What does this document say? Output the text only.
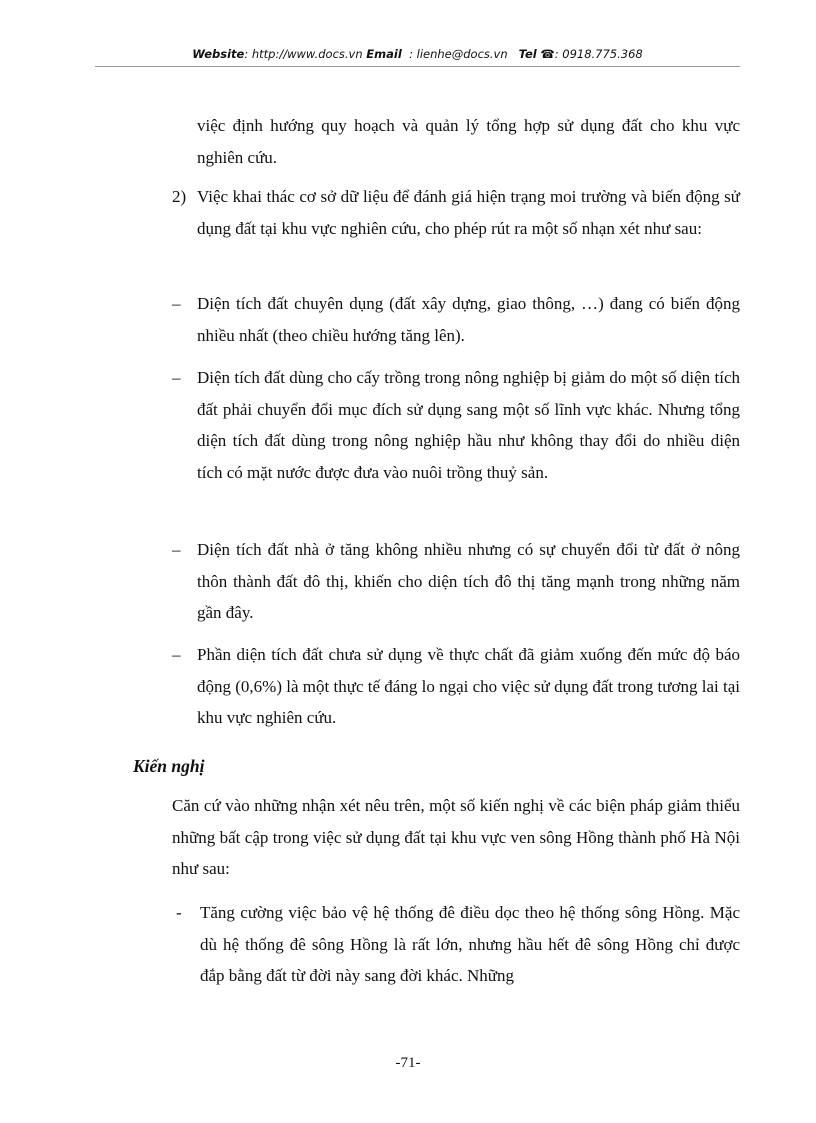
Website: http://www.docs.vn Email : lienhe@docs.vn Tel ☎: 0918.775.368
việc định hướng quy hoạch và quản lý tổng hợp sử dụng đất cho khu vực nghiên cứu.
2) Việc khai thác cơ sở dữ liệu để đánh giá hiện trạng moi trường và biến động sử dụng đất tại khu vực nghiên cứu, cho phép rút ra một số nhạn xét như sau:
– Diện tích đất chuyên dụng (đất xây dựng, giao thông, …) đang có biến động nhiều nhất (theo chiều hướng tăng lên).
– Diện tích đất dùng cho cấy trồng trong nông nghiệp bị giảm do một số diện tích đất phải chuyển đổi mục đích sử dụng sang một số lĩnh vực khác. Nhưng tổng diện tích đất dùng trong nông nghiệp hầu như không thay đổi do nhiều diện tích có mặt nước được đưa vào nuôi trồng thuỷ sản.
– Diện tích đất nhà ở tăng không nhiều nhưng có sự chuyển đổi từ đất ở nông thôn thành đất đô thị, khiến cho diện tích đô thị tăng mạnh trong những năm gần đây.
– Phần diện tích đất chưa sử dụng về thực chất đã giảm xuống đến mức độ báo động (0,6%) là một thực tế đáng lo ngại cho việc sử dụng đất trong tương lai tại khu vực nghiên cứu.
Kiến nghị
Căn cứ vào những nhận xét nêu trên, một số kiến nghị về các biện pháp giảm thiểu những bất cập trong việc sử dụng đất tại khu vực ven sông Hồng thành phố Hà Nội như sau:
- Tăng cường việc bảo vệ hệ thống đê điều dọc theo hệ thống sông Hồng. Mặc dù hệ thống đê sông Hồng là rất lớn, nhưng hầu hết đê sông Hồng chỉ được đắp bằng đất từ đời này sang đời khác. Những
-71-
